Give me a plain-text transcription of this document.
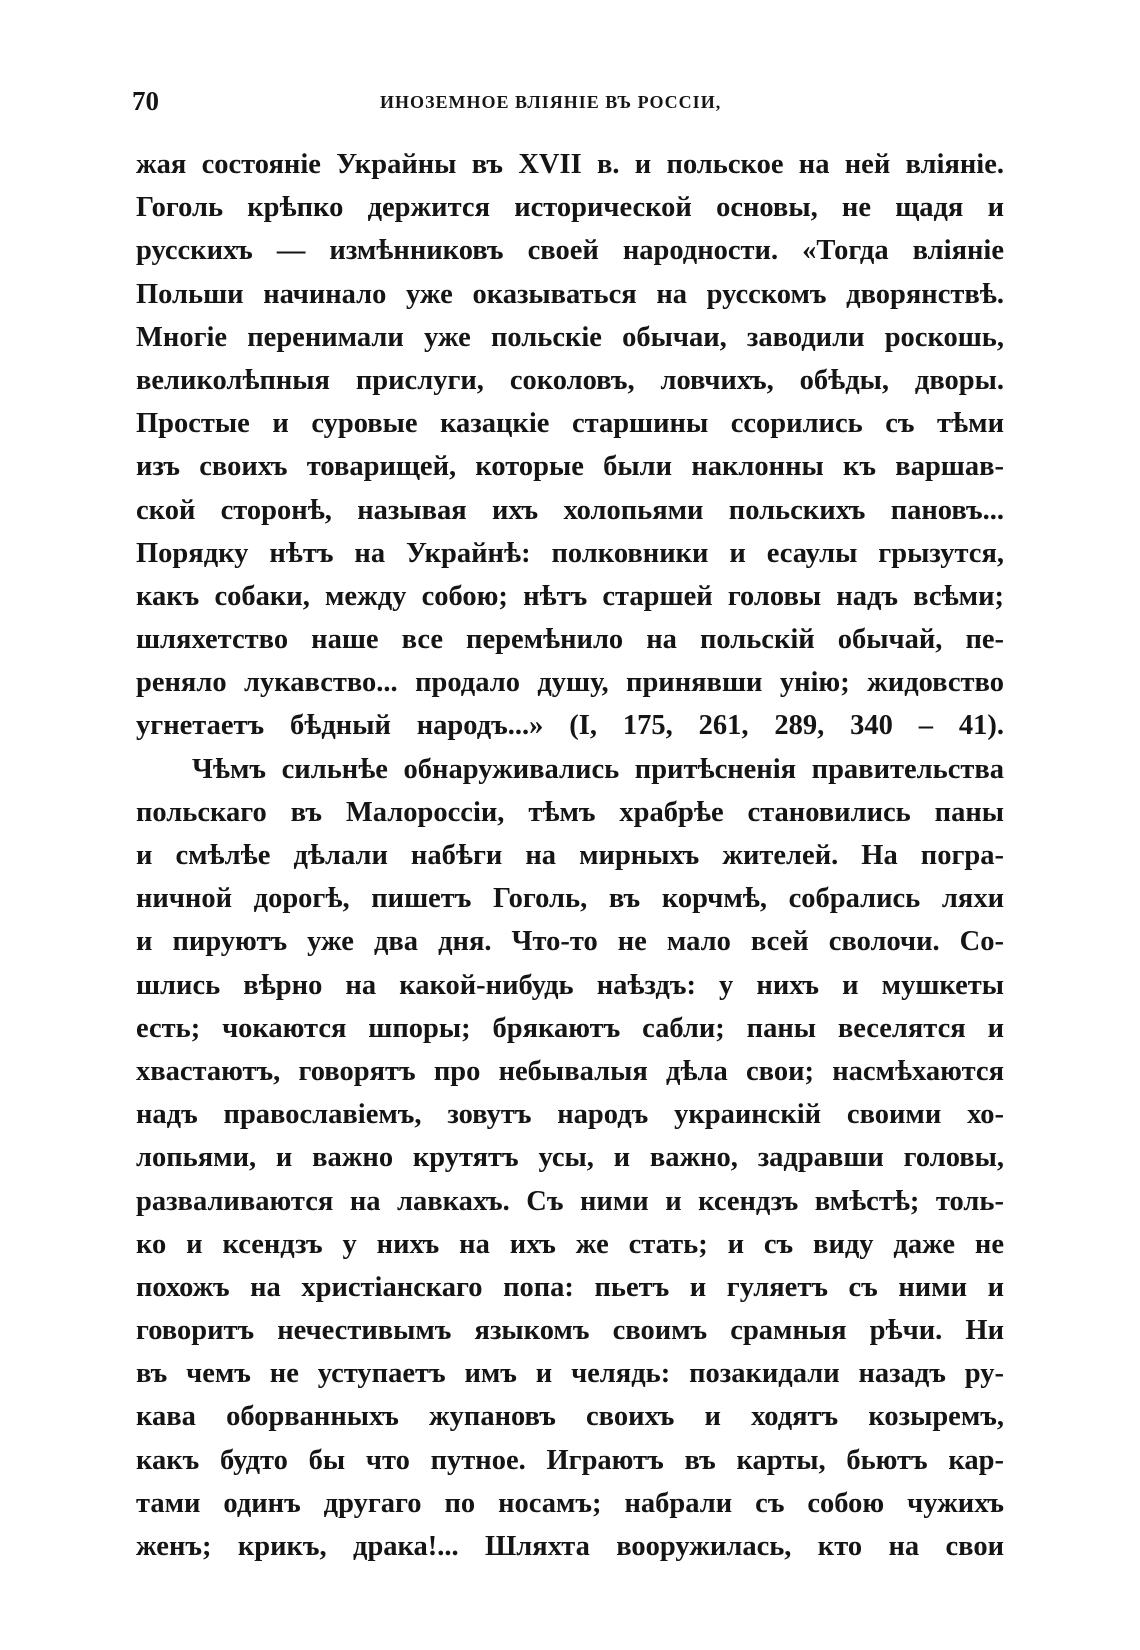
70	ИНОЗЕМНОЕ ВЛІЯНІЕ ВЪ РОССІИ,
жая состояніе Украйны въ XVII в. и польское на ней вліяніе.
Гоголь крѣпко держится исторической основы, не щадя и
русскихъ — измѣнниковъ своей народности. «Тогда вліяніе
Польши начинало уже оказываться на русскомъ дворянствѣ.
Многіе перенимали уже польскіе обычаи, заводили роскошь,
великолѣпныя прислуги, соколовъ, ловчихъ, обѣды, дворы.
Простые и суровые казацкіе старшины ссорились съ тѣми
изъ своихъ товарищей, которые были наклонны къ варшав-
ской сторонѣ, называя ихъ холопьями польскихъ пановъ...
Порядку нѣтъ на Украйнѣ: полковники и есаулы грызутся,
какъ собаки, между собою; нѣтъ старшей головы надъ всѣми;
шляхетство наше все перемѣнило на польскій обычай, пе-
реняло лукавство... продало душу, принявши унію; жидовство
угнетаетъ бѣдный народъ...» (I, 175, 261, 289, 340 – 41).
Чѣмъ сильнѣе обнаруживались притѣсненія правительства
польскаго въ Малороссіи, тѣмъ храбрѣе становились паны
и смѣлѣе дѣлали набѣги на мирныхъ жителей. На погра-
ничной дорогѣ, пишетъ Гоголь, въ корчмѣ, собрались ляхи
и пируютъ уже два дня. Что-то не мало всей сволочи. Со-
шлись вѣрно на какой-нибудь наѣздъ: у нихъ и мушкеты
есть; чокаются шпоры; брякаютъ сабли; паны веселятся и
хвастаютъ, говорятъ про небывалыя дѣла свои; насмѣхаются
надъ православіемъ, зовутъ народъ украинскій своими хо-
лопьями, и важно крутятъ усы, и важно, задравши головы,
разваливаются на лавкахъ. Съ ними и ксендзъ вмѣстѣ; толь-
ко и ксендзъ у нихъ на ихъ же стать; и съ виду даже не
похожъ на христіанскаго попа: пьетъ и гуляетъ съ ними и
говоритъ нечестивымъ языкомъ своимъ срамныя рѣчи. Ни
въ чемъ не уступаетъ имъ и челядь: позакидали назадъ ру-
кава оборванныхъ жупановъ своихъ и ходятъ козыремъ,
какъ будто бы что путное. Играютъ въ карты, бьютъ кар-
тами одинъ другаго по носамъ; набрали съ собою чужихъ
женъ; крикъ, драка!... Шляхта вооружилась, кто на свои
